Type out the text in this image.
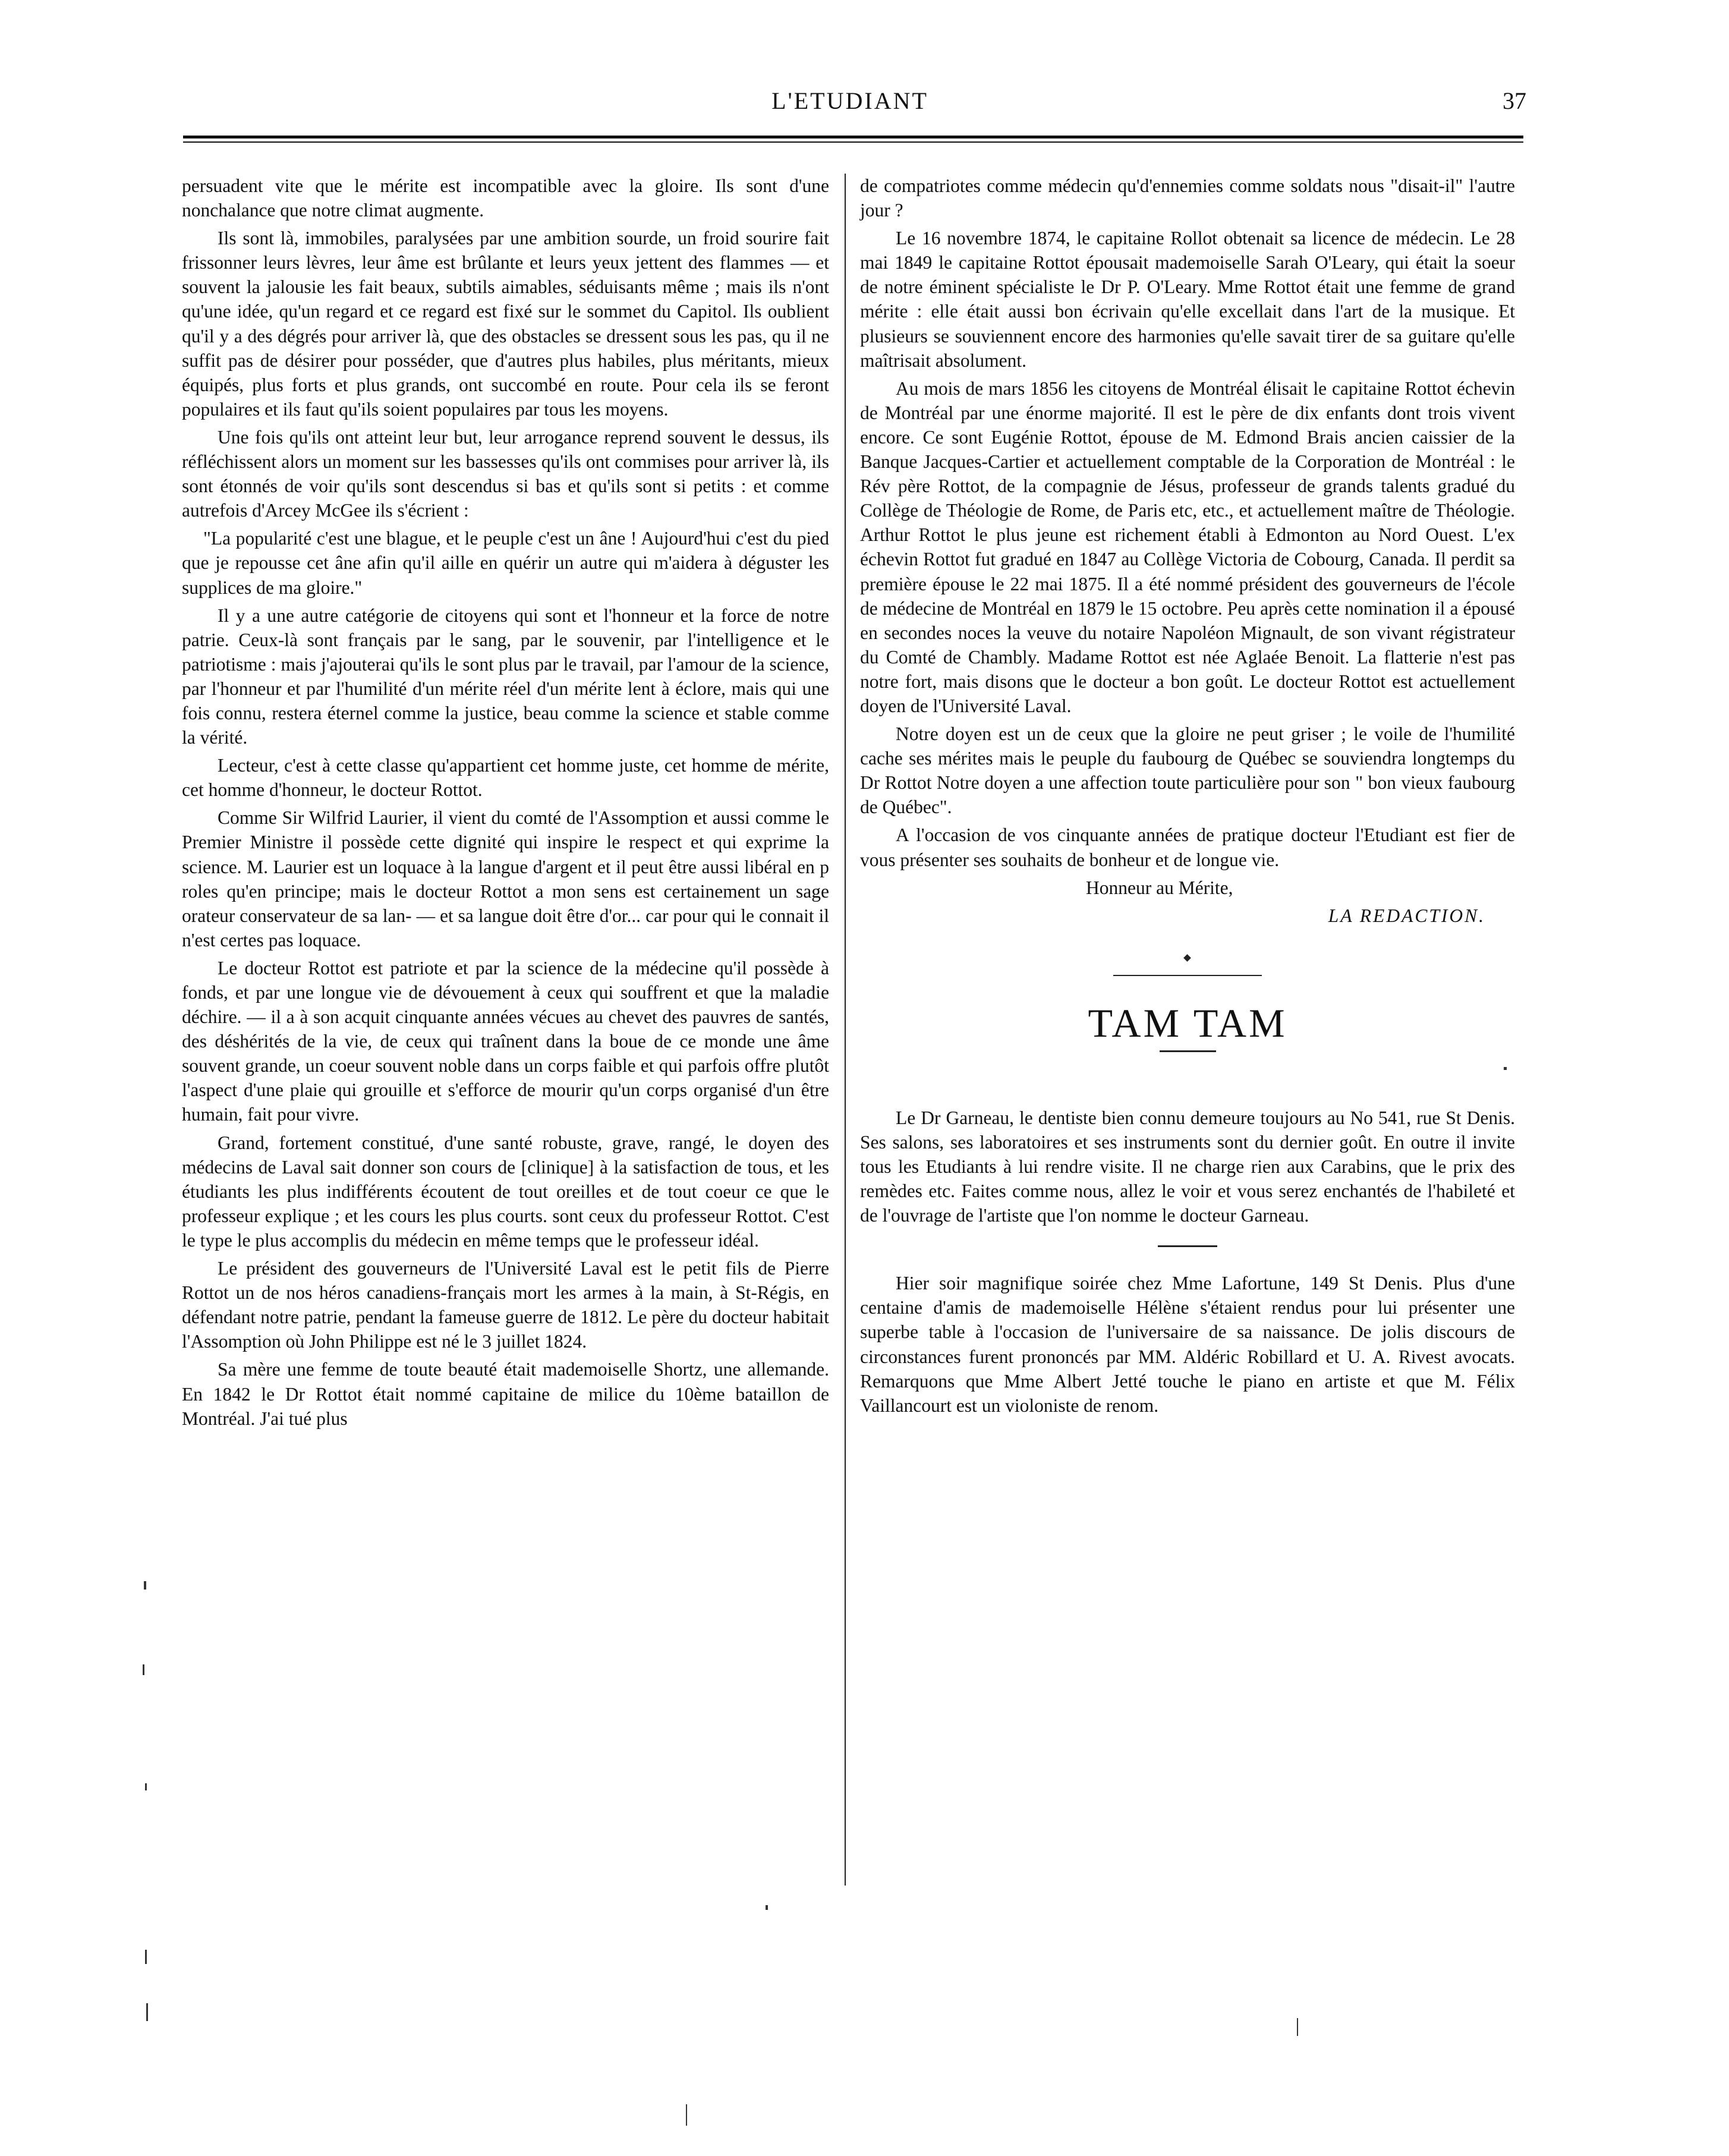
L'ETUDIANT	37

persuadent vite que le mérite est incompatible avec la gloire. Ils sont d'une nonchalance que notre climat augmente.

Ils sont là, immobiles, paralysées par une ambition sourde, un froid sourire fait frissonner leurs lèvres, leur âme est brûlante et leurs yeux jettent des flammes — et souvent la jalousie les fait beaux, subtils aimables, séduisants même ; mais ils n'ont qu'une idée, qu'un regard et ce regard est fixé sur le sommet du Capitol. Ils oublient qu'il y a des dégrés pour arriver là, que des obstacles se dressent sous les pas, qu il ne suffit pas de désirer pour posséder, que d'autres plus habiles, plus méritants, mieux équipés, plus forts et plus grands, ont succombé en route. Pour cela ils se feront populaires et ils faut qu'ils soient populaires par tous les moyens.

Une fois qu'ils ont atteint leur but, leur arrogance reprend souvent le dessus, ils réfléchissent alors un moment sur les bassesses qu'ils ont commises pour arriver là, ils sont étonnés de voir qu'ils sont descendus si bas et qu'ils sont si petits : et comme autrefois d'Arcey McGee ils s'écrient :

"La popularité c'est une blague, et le peuple c'est un âne ! Aujourd'hui c'est du pied que je repousse cet âne afin qu'il aille en quérir un autre qui m'aidera à déguster les supplices de ma gloire."

Il y a une autre catégorie de citoyens qui sont et l'honneur et la force de notre patrie. Ceux-là sont français par le sang, par le souvenir, par l'intelligence et le patriotisme : mais j'ajouterai qu'ils le sont plus par le travail, par l'amour de la science, par l'honneur et par l'humilité d'un mérite réel d'un mérite lent à éclore, mais qui une fois connu, restera éternel comme la justice, beau comme la science et stable comme la vérité.

Lecteur, c'est à cette classe qu'appartient cet homme juste, cet homme de mérite, cet homme d'honneur, le docteur Rottot.

Comme Sir Wilfrid Laurier, il vient du comté de l'Assomption et aussi comme le Premier Ministre il possède cette dignité qui inspire le respect et qui exprime la science. M. Laurier est un loquace à la langue d'argent et il peut être aussi libéral en p roles qu'en principe; mais le docteur Rottot a mon sens est certainement un sage orateur conservateur de sa lan- — et sa langue doit être d'or... car pour qui le connait il n'est certes pas loquace.

Le docteur Rottot est patriote et par la science de la médecine qu'il possède à fonds, et par une longue vie de dévouement à ceux qui souffrent et que la maladie déchire. — il a à son acquit cinquante années vécues au chevet des pauvres de santés, des déshérités de la vie, de ceux qui traînent dans la boue de ce monde une âme souvent grande, un coeur souvent noble dans un corps faible et qui parfois offre plutôt l'aspect d'une plaie qui grouille et s'efforce de mourir qu'un corps organisé d'un être humain, fait pour vivre.

Grand, fortement constitué, d'une santé robuste, grave, rangé, le doyen des médecins de Laval sait donner son cours de [clinique] à la satisfaction de tous, et les étudiants les plus indifférents écoutent de tout oreilles et de tout coeur ce que le professeur explique ; et les cours les plus courts. sont ceux du professeur Rottot. C'est le type le plus accomplis du médecin en même temps que le professeur idéal.

Le président des gouverneurs de l'Université Laval est le petit fils de Pierre Rottot un de nos héros canadiens-français mort les armes à la main, à St-Régis, en défendant notre patrie, pendant la fameuse guerre de 1812. Le père du docteur habitait l'Assomption où John Philippe est né le 3 juillet 1824.

Sa mère une femme de toute beauté était mademoiselle Shortz, une allemande. En 1842 le Dr Rottot était nommé capitaine de milice du 10ème bataillon de Montréal. J'ai tué plus

de compatriotes comme médecin qu'd'ennemies comme soldats nous "disait-il" l'autre jour ?

Le 16 novembre 1874, le capitaine Rollot obtenait sa licence de médecin. Le 28 mai 1849 le capitaine Rottot épousait mademoiselle Sarah O'Leary, qui était la soeur de notre éminent spécialiste le Dr P. O'Leary. Mme Rottot était une femme de grand mérite : elle était aussi bon écrivain qu'elle excellait dans l'art de la musique. Et plusieurs se souviennent encore des harmonies qu'elle savait tirer de sa guitare qu'elle maîtrisait absolument.

Au mois de mars 1856 les citoyens de Montréal élisait le capitaine Rottot échevin de Montréal par une énorme majorité. Il est le père de dix enfants dont trois vivent encore. Ce sont Eugénie Rottot, épouse de M. Edmond Brais ancien caissier de la Banque Jacques-Cartier et actuellement comptable de la Corporation de Montréal : le Rév père Rottot, de la compagnie de Jésus, professeur de grands talents gradué du Collège de Théologie de Rome, de Paris etc, etc., et actuellement maître de Théologie. Arthur Rottot le plus jeune est richement établi à Edmonton au Nord Ouest. L'ex échevin Rottot fut gradué en 1847 au Collège Victoria de Cobourg, Canada. Il perdit sa première épouse le 22 mai 1875. Il a été nommé président des gouverneurs de l'école de médecine de Montréal en 1879 le 15 octobre. Peu après cette nomination il a épousé en secondes noces la veuve du notaire Napoléon Mignault, de son vivant régistrateur du Comté de Chambly. Madame Rottot est née Aglaée Benoit. La flatterie n'est pas notre fort, mais disons que le docteur a bon goût. Le docteur Rottot est actuellement doyen de l'Université Laval.

Notre doyen est un de ceux que la gloire ne peut griser ; le voile de l'humilité cache ses mérites mais le peuple du faubourg de Québec se souviendra longtemps du Dr Rottot Notre doyen a une affection toute particulière pour son " bon vieux faubourg de Québec".

A l'occasion de vos cinquante années de pratique docteur l'Etudiant est fier de vous présenter ses souhaits de bonheur et de longue vie.

Honneur au Mérite,

LA REDACTION.

TAM TAM

Le Dr Garneau, le dentiste bien connu demeure toujours au No 541, rue St Denis. Ses salons, ses laboratoires et ses instruments sont du dernier goût. En outre il invite tous les Etudiants à lui rendre visite. Il ne charge rien aux Carabins, que le prix des remèdes etc. Faites comme nous, allez le voir et vous serez enchantés de l'habileté et de l'ouvrage de l'artiste que l'on nomme le docteur Garneau.

Hier soir magnifique soirée chez Mme Lafortune, 149 St Denis. Plus d'une centaine d'amis de mademoiselle Hélène s'étaient rendus pour lui présenter une superbe table à l'occasion de l'universaire de sa naissance. De jolis discours de circonstances furent prononcés par MM. Aldéric Robillard et U. A. Rivest avocats. Remarquons que Mme Albert Jetté touche le piano en artiste et que M. Félix Vaillancourt est un violoniste de renom.
